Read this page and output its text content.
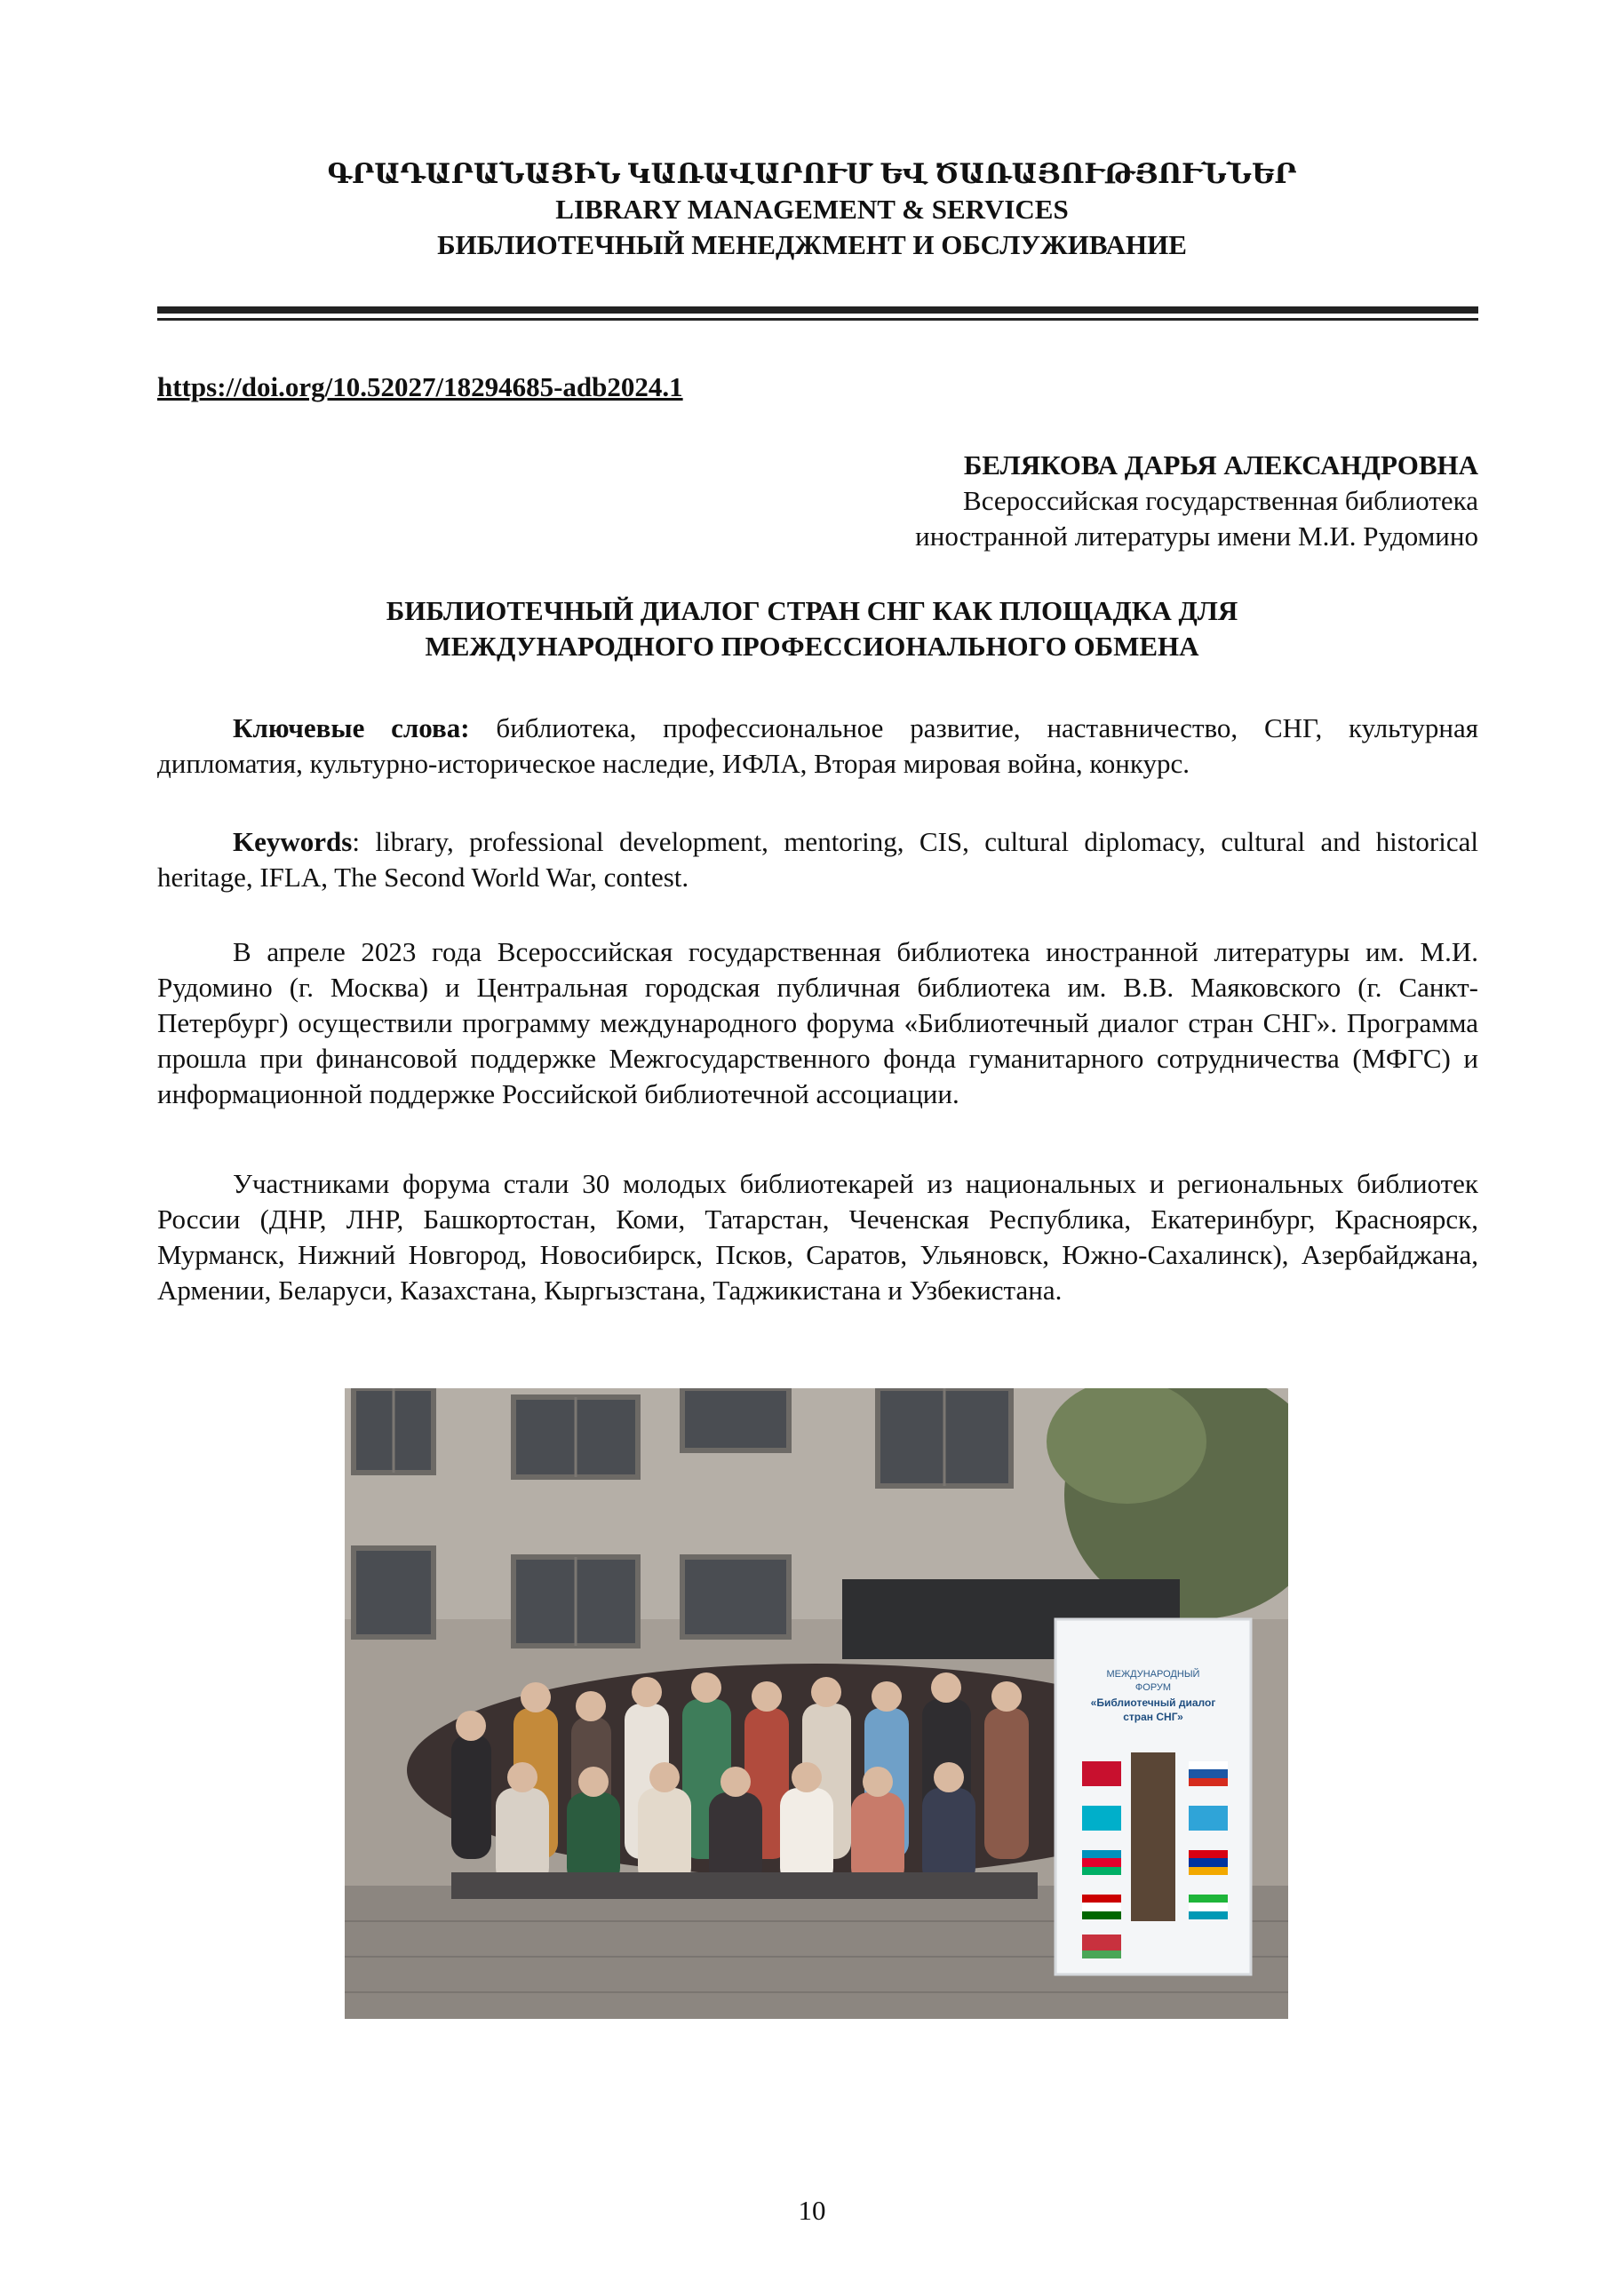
ԳՐԱԴԱՐԱՆԱՅԻՆ ԿԱՌԱՎԱՐՈՒՄ ԵՎ ԾԱՌԱՅՈՒԹՅՈՒՆՆԵՐ
LIBRARY MANAGEMENT & SERVICES
БИБЛИОТЕЧНЫЙ МЕНЕДЖМЕНТ И ОБСЛУЖИВАНИЕ
https://doi.org/10.52027/18294685-adb2024.1
БЕЛЯКОВА ДАРЬЯ АЛЕКСАНДРОВНА
Всероссийская государственная библиотека
иностранной литературы имени М.И. Рудомино
БИБЛИОТЕЧНЫЙ ДИАЛОГ СТРАН СНГ КАК ПЛОЩАДКА ДЛЯ
МЕЖДУНАРОДНОГО ПРОФЕССИОНАЛЬНОГО ОБМЕНА
Ключевые слова: библиотека, профессиональное развитие, наставничество, СНГ, культурная дипломатия, культурно-историческое наследие, ИФЛА, Вторая мировая война, конкурс.
Keywords: library, professional development, mentoring, CIS, cultural diplomacy, cultural and historical heritage, IFLA, The Second World War, contest.
В апреле 2023 года Всероссийская государственная библиотека иностранной литературы им. М.И. Рудомино (г. Москва) и Центральная городская публичная библиотека им. В.В. Маяковского (г. Санкт-Петербург) осуществили программу международного форума «Библиотечный диалог стран СНГ». Программа прошла при финансовой поддержке Межгосударственного фонда гуманитарного сотрудничества (МФГС) и информационной поддержке Российской библиотечной ассоциации.
Участниками форума стали 30 молодых библиотекарей из национальных и региональных библиотек России (ДНР, ЛНР, Башкортостан, Коми, Татарстан, Чеченская Республика, Екатеринбург, Красноярск, Мурманск, Нижний Новгород, Новосибирск, Псков, Саратов, Ульяновск, Южно-Сахалинск), Азербайджана, Армении, Беларуси, Казахстана, Кыргызстана, Таджикистана и Узбекистана.
МЕЖДУНАРОДНЫЙ
ФОРУМ
«Библиотечный диалог
стран СНГ»
10
